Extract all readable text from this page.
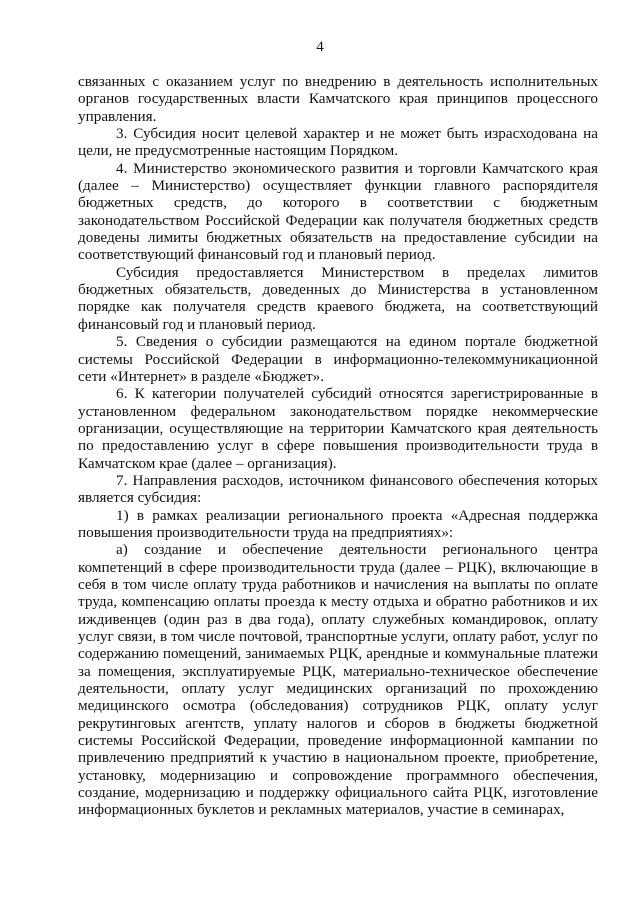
4

связанных с оказанием услуг по внедрению в деятельность исполнительных органов государственных власти Камчатского края принципов процессного управления.

3. Субсидия носит целевой характер и не может быть израсходована на цели, не предусмотренные настоящим Порядком.

4. Министерство экономического развития и торговли Камчатского края (далее – Министерство) осуществляет функции главного распорядителя бюджетных средств, до которого в соответствии с бюджетным законодательством Российской Федерации как получателя бюджетных средств доведены лимиты бюджетных обязательств на предоставление субсидии на соответствующий финансовый год и плановый период.

Субсидия предоставляется Министерством в пределах лимитов бюджетных обязательств, доведенных до Министерства в установленном порядке как получателя средств краевого бюджета, на соответствующий финансовый год и плановый период.

5. Сведения о субсидии размещаются на едином портале бюджетной системы Российской Федерации в информационно-телекоммуникационной сети «Интернет» в разделе «Бюджет».

6. К категории получателей субсидий относятся зарегистрированные в установленном федеральном законодательством порядке некоммерческие организации, осуществляющие на территории Камчатского края деятельность по предоставлению услуг в сфере повышения производительности труда в Камчатском крае (далее – организация).

7. Направления расходов, источником финансового обеспечения которых является субсидия:

1) в рамках реализации регионального проекта «Адресная поддержка повышения производительности труда на предприятиях»:

а) создание и обеспечение деятельности регионального центра компетенций в сфере производительности труда (далее – РЦК), включающие в себя в том числе оплату труда работников и начисления на выплаты по оплате труда, компенсацию оплаты проезда к месту отдыха и обратно работников и их иждивенцев (один раз в два года), оплату служебных командировок, оплату услуг связи, в том числе почтовой, транспортные услуги, оплату работ, услуг по содержанию помещений, занимаемых РЦК, арендные и коммунальные платежи за помещения, эксплуатируемые РЦК, материально-техническое обеспечение деятельности, оплату услуг медицинских организаций по прохождению медицинского осмотра (обследования) сотрудников РЦК, оплату услуг рекрутинговых агентств, уплату налогов и сборов в бюджеты бюджетной системы Российской Федерации, проведение информационной кампании по привлечению предприятий к участию в национальном проекте, приобретение, установку, модернизацию и сопровождение программного обеспечения, создание, модернизацию и поддержку официального сайта РЦК, изготовление информационных буклетов и рекламных материалов, участие в семинарах,
